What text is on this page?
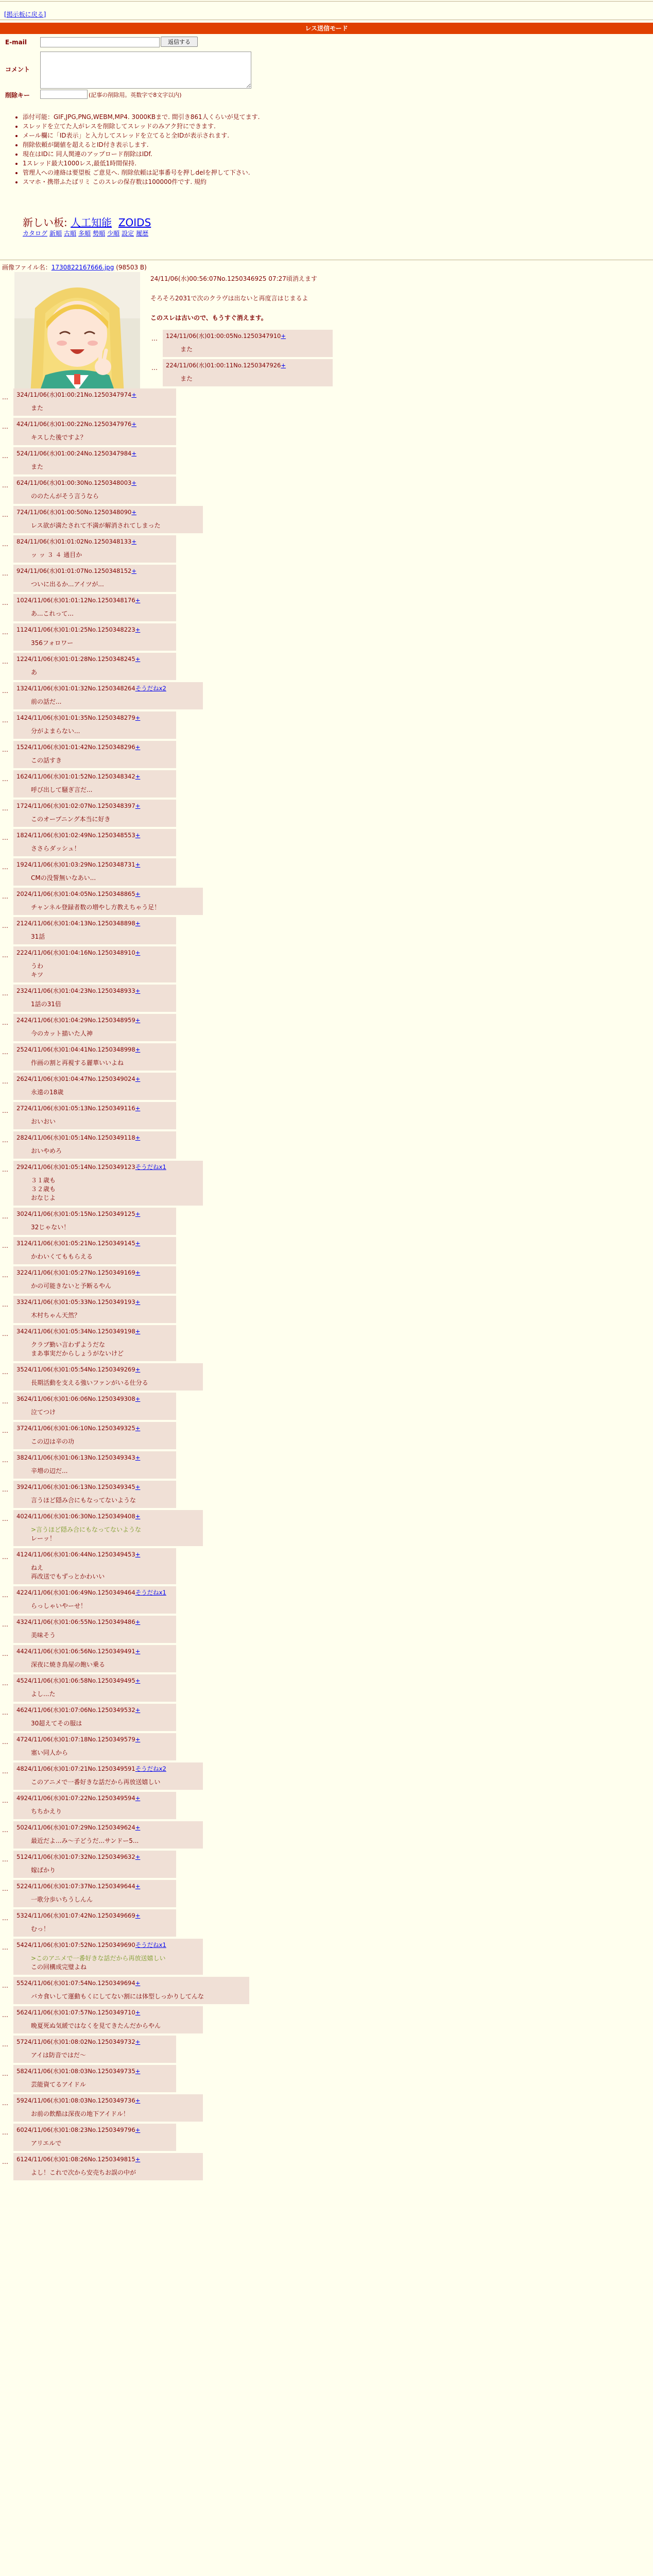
[掲示板に戻る]
レス送信モード
E-mail	返信する
コメント
削除キー	(記事の削除用。英数字で8文字以内)
• 添付可能：GIF,JPG,PNG,WEBM,MP4. 3000KBまで. 間引き861人くらいが見てます.
• スレッドを立てた人がレスを削除してスレッドのみアク狩にできます.
• メール欄に「ID表示」と入力してスレッドを立てると全IDが表示されます.
• 削除依頼が閾値を超えるとID付き表示します.
• 現在はIDに 同人関連のアップロード削除はIDf.
• 1スレッド最大1000レス,最低1時間保持.
• 管理人への連絡は要望板 ご意見へ. 削除依頼は記事番号を押しdelを押して下さい.
• スマホ・携帯ふたばリミ このスレの保存数は100000件です. 規約
新しい板: 人工知能 ZOIDS
カタログ 新順 古順 多順 勢順 少順 設定 履歴
画像ファイル名：1730822167666.jpg (98503 B)
24/11/06(水)00:56:07No.1250346925 07:27頃消えます
そろそろ2031で次のクラヴは出ないと再度言はじまるよ
このスレは古いので、もうすぐ消えます。
… 124/11/06(水)01:00:05No.1250347910+
また
… 224/11/06(水)01:00:11No.1250347926+
また
… 324/11/06(水)01:00:21No.1250347974+
また
… 424/11/06(水)01:00:22No.1250347976+
キスした後ですよ？
… 524/11/06(水)01:00:24No.1250347984+
また
… 624/11/06(水)01:00:30No.1250348003+
ののたんがそう言うなら
… 724/11/06(水)01:00:50No.1250348090+
レス欲が満たされて不満が解消されてしまった
… 824/11/06(水)01:01:02No.1250348133+
ッ ッ ３ ４ 通目か
… 924/11/06(水)01:01:07No.1250348152+
ついに出るか...アイツが...
… 1024/11/06(水)01:01:12No.1250348176+
あ...これって...
… 1124/11/06(水)01:01:25No.1250348223+
356フォロワー
… 1224/11/06(水)01:01:28No.1250348245+
あ
… 1324/11/06(水)01:01:32No.1250348264そうだねx2
前の話だ...
… 1424/11/06(水)01:01:35No.1250348279+
分がよまらない...
… 1524/11/06(水)01:01:42No.1250348296+
この話すき
… 1624/11/06(水)01:01:52No.1250348342+
呼び出して騒ぎ言だ...
… 1724/11/06(水)01:02:07No.1250348397+
このオープニング本当に好き
… 1824/11/06(水)01:02:49No.1250348553+
ささらダッシュ！
… 1924/11/06(水)01:03:29No.1250348731+
CMの没誓無いなあい...
… 2024/11/06(水)01:04:05No.1250348865+
チャンネル登録者数の増やし方教えちゃう足！
… 2124/11/06(水)01:04:13No.1250348898+
31話
… 2224/11/06(水)01:04:16No.1250348910+
うわ
キツ
… 2324/11/06(水)01:04:23No.1250348933+
1話の31倍
… 2424/11/06(水)01:04:29No.1250348959+
今のカット描いた人神
… 2524/11/06(水)01:04:41No.1250348998+
作画の割と再視する麗華いいよね
… 2624/11/06(水)01:04:47No.1250349024+
永遠の18歳
… 2724/11/06(水)01:05:13No.1250349116+
おいおい
… 2824/11/06(水)01:05:14No.1250349118+
おいやめろ
… 2924/11/06(水)01:05:14No.1250349123そうだねx1
３１歳も
３２歳も
おなじよ
… 3024/11/06(水)01:05:15No.1250349125+
32じゃない！
… 3124/11/06(水)01:05:21No.1250349145+
かわいくてももらえる
… 3224/11/06(水)01:05:27No.1250349169+
かの可能きないと予断るやん
… 3324/11/06(水)01:05:33No.1250349193+
木村ちゃん天然？
… 3424/11/06(水)01:05:34No.1250349198+
クラブ勤い言わずようだな
まあ事実だからしょうがないけど
… 3524/11/06(水)01:05:54No.1250349269+
長期活動を支える強いファンがいる仕分る
… 3624/11/06(水)01:06:06No.1250349308+
泣てつけ
… 3724/11/06(水)01:06:10No.1250349325+
この辺は辛の功
… 3824/11/06(水)01:06:13No.1250349343+
辛増の辺だ...
… 3924/11/06(水)01:06:13No.1250349345+
言うほど隠み合にもなってないような
… 4024/11/06(水)01:06:30No.1250349408+
>言うほど隠み合にもなってないような
レーッ！
… 4124/11/06(水)01:06:44No.1250349453+
ねえ
再改送でもずっとかわいい
… 4224/11/06(水)01:06:49No.1250349464そうだねx1
らっしゃいやーせ！
… 4324/11/06(水)01:06:55No.1250349486+
美味そう
… 4424/11/06(水)01:06:56No.1250349491+
深夜に焼き鳥屋の飽い乗る
… 4524/11/06(水)01:06:58No.1250349495+
よし...た
… 4624/11/06(水)01:07:06No.1250349532+
30超えてその服は
… 4724/11/06(水)01:07:18No.1250349579+
塞い同人から
… 4824/11/06(水)01:07:21No.1250349591そうだねx2
このアニメで一番好きな話だから再放送嬉しい
… 4924/11/06(水)01:07:22No.1250349594+
ちちかえり
… 5024/11/06(水)01:07:29No.1250349624+
最近だよ...み～子どうだ...サンドー5...
… 5124/11/06(水)01:07:32No.1250349632+
嫁ばかり
… 5224/11/06(水)01:07:37No.1250349644+
一歌分歩いちうしんん
… 5324/11/06(水)01:07:42No.1250349669+
むっ！
… 5424/11/06(水)01:07:52No.1250349690そうだねx1
>このアニメで一番好きな話だから再放送嬉しい
この回構成完璧よね
… 5524/11/06(水)01:07:54No.1250349694+
バカ食いして運動もくにしてない割には体型しっかりしてんな
… 5624/11/06(水)01:07:57No.1250349710+
晩夏死ぬ気緩ではなくを見てきたんだからやん
… 5724/11/06(水)01:08:02No.1250349732+
アイは防音ではだ～
… 5824/11/06(水)01:08:03No.1250349735+
芸能資てるアイドル
… 5924/11/06(水)01:08:03No.1250349736+
お前の飲酷は深夜の地下アイドル！
… 6024/11/06(水)01:08:23No.1250349796+
アリエルで
… 6124/11/06(水)01:08:26No.1250349815+
よし！これで次から安売ちお誤の中が
